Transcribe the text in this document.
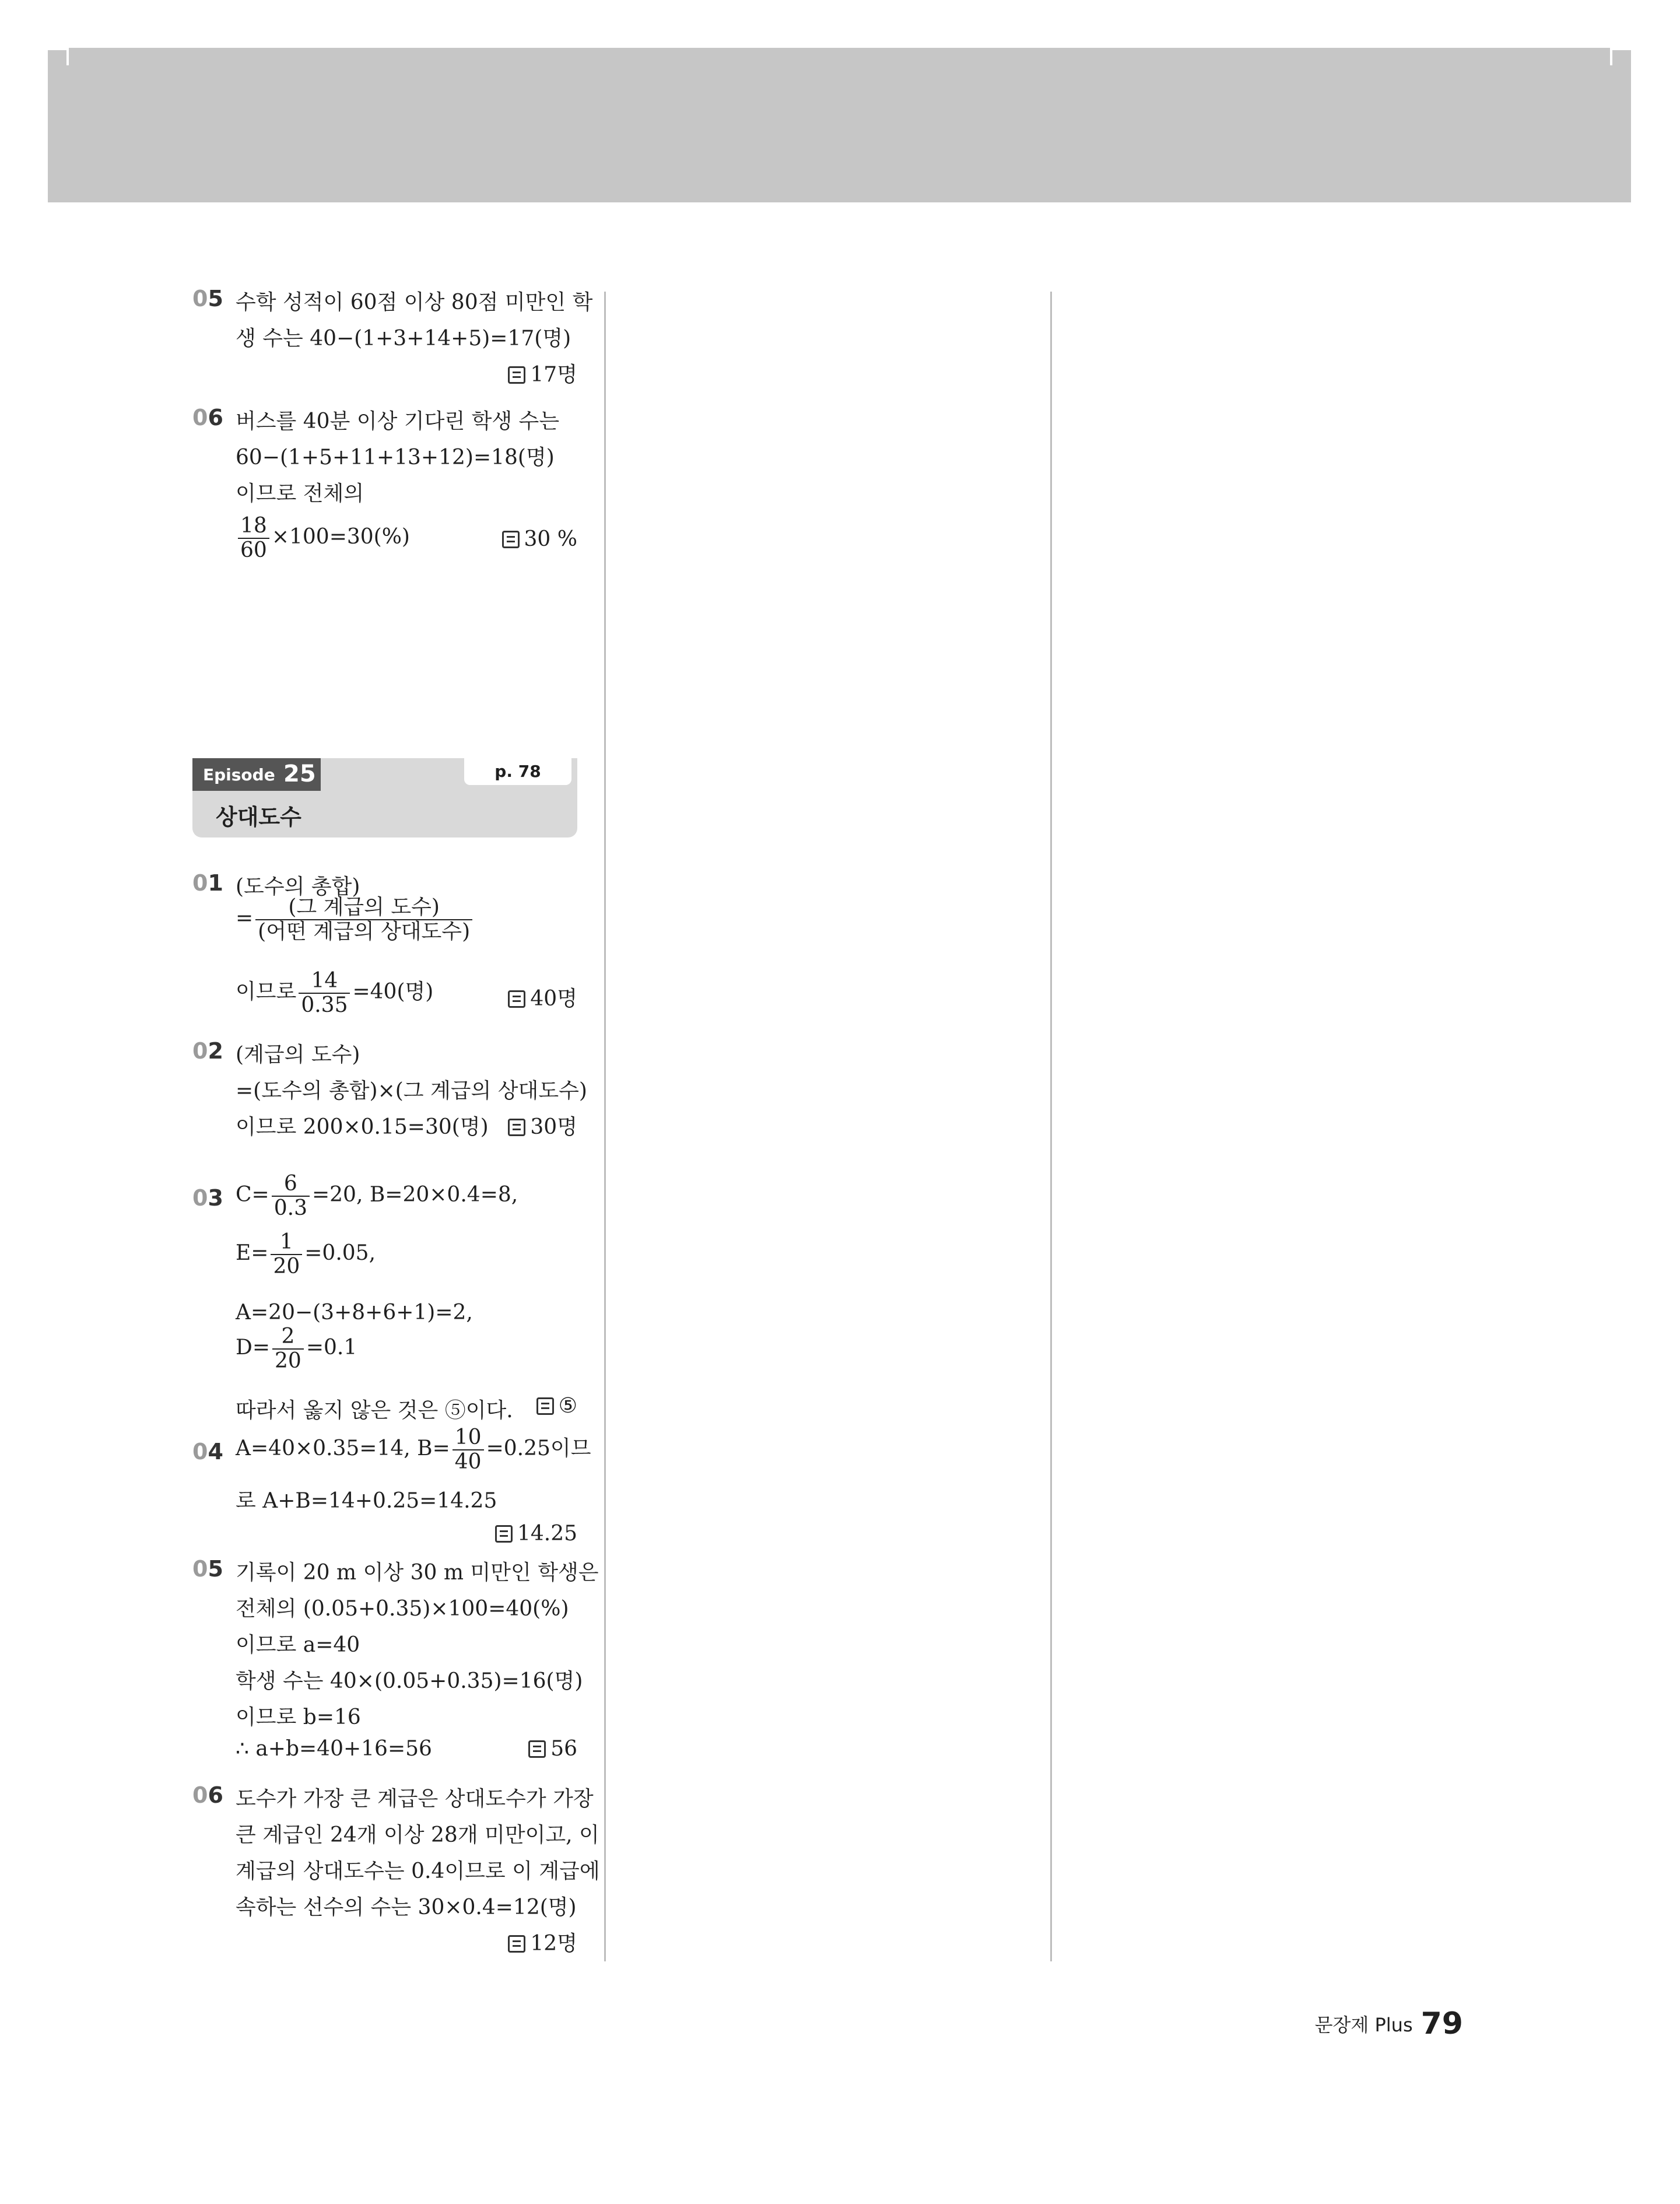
05 수학 성적이 60점 이상 80점 미만인 학
생 수는 40−(1+3+14+5)=17(명)
17명
06 버스를 40분 이상 기다린 학생 수는
60−(1+5+11+13+12)=18(명)
이므로 전체의
$\frac{18}{60} \times 100=30(\%)$	30 %
Episode 25	p. 78
상대도수
01 (도수의 총합)
= $\frac{\text{(그 계급의 도수)}}{\text{(어떤 계급의 상대도수)}}$
이므로 $\frac{14}{0.35} =40$(명)	40명
02 (계급의 도수)
=(도수의 총합)×(그 계급의 상대도수)
이므로 200×0.15=30(명)	30명
03 $C= \frac{6}{0.3} =20$, B=20×0.4=8,
$E= \frac{1}{20} =0.05$,
A=20−(3+8+6+1)=2,
$D= \frac{2}{20} =0.1$
따라서 옳지 않은 것은 ⑤이다.	⑤
04 A=40×0.35=14, $B= \frac{10}{40} =0.25$이므
로 A+B=14+0.25=14.25
14.25
05 기록이 20 m 이상 30 m 미만인 학생은
전체의 (0.05+0.35)×100=40(%)
이므로 a=40
학생 수는 40×(0.05+0.35)=16(명)
이므로 b=16
∴ a+b=40+16=56	56
06 도수가 가장 큰 계급은 상대도수가 가장
큰 계급인 24개 이상 28개 미만이고, 이
계급의 상대도수는 0.4이므로 이 계급에
속하는 선수의 수는 30×0.4=12(명)
12명
문장제 Plus 79
